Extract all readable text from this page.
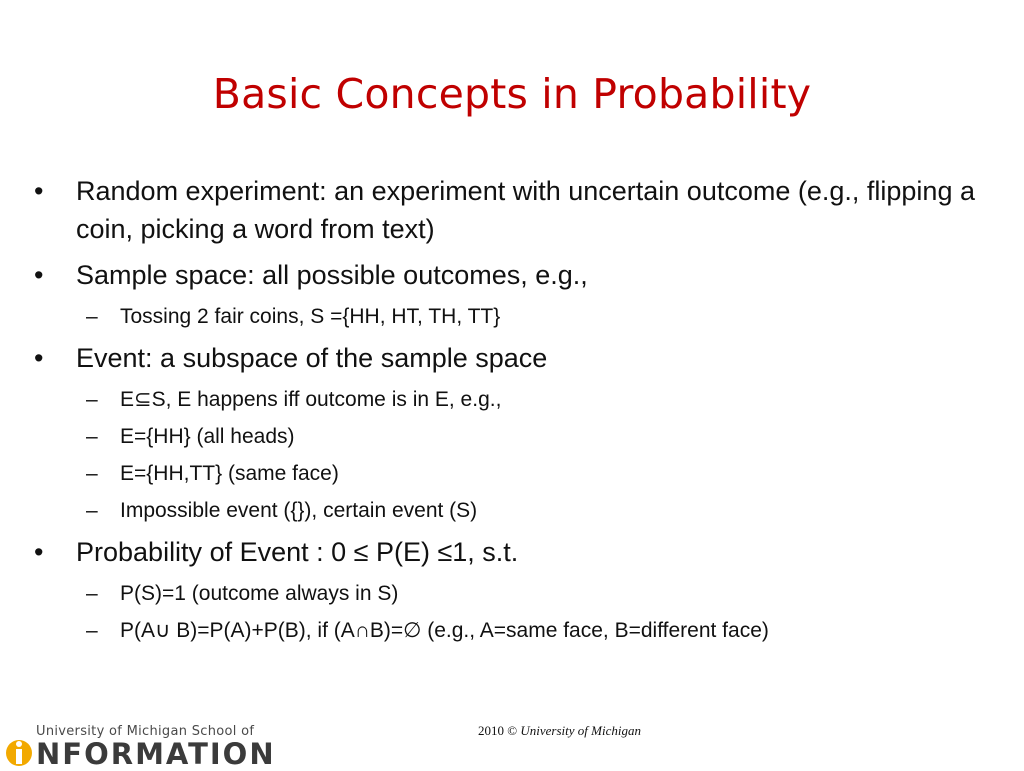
Basic Concepts in Probability
•	Random experiment: an experiment with uncertain outcome (e.g., flipping a coin, picking a word from text)
•	Sample space: all possible outcomes, e.g.,
– Tossing 2 fair coins, S ={HH, HT, TH, TT}
•	Event: a subspace of the sample space
– E⊆S, E happens iff outcome is in E, e.g.,
– E={HH} (all heads)
– E={HH,TT} (same face)
– Impossible event ({}), certain event (S)
•	Probability of Event : 0 ≤ P(E) ≤1, s.t.
– P(S)=1 (outcome always in S)
– P(A∪ B)=P(A)+P(B), if (A∩B)=∅ (e.g., A=same face, B=different face)
University of Michigan School of
NFORMATION
2010 © University of Michigan
